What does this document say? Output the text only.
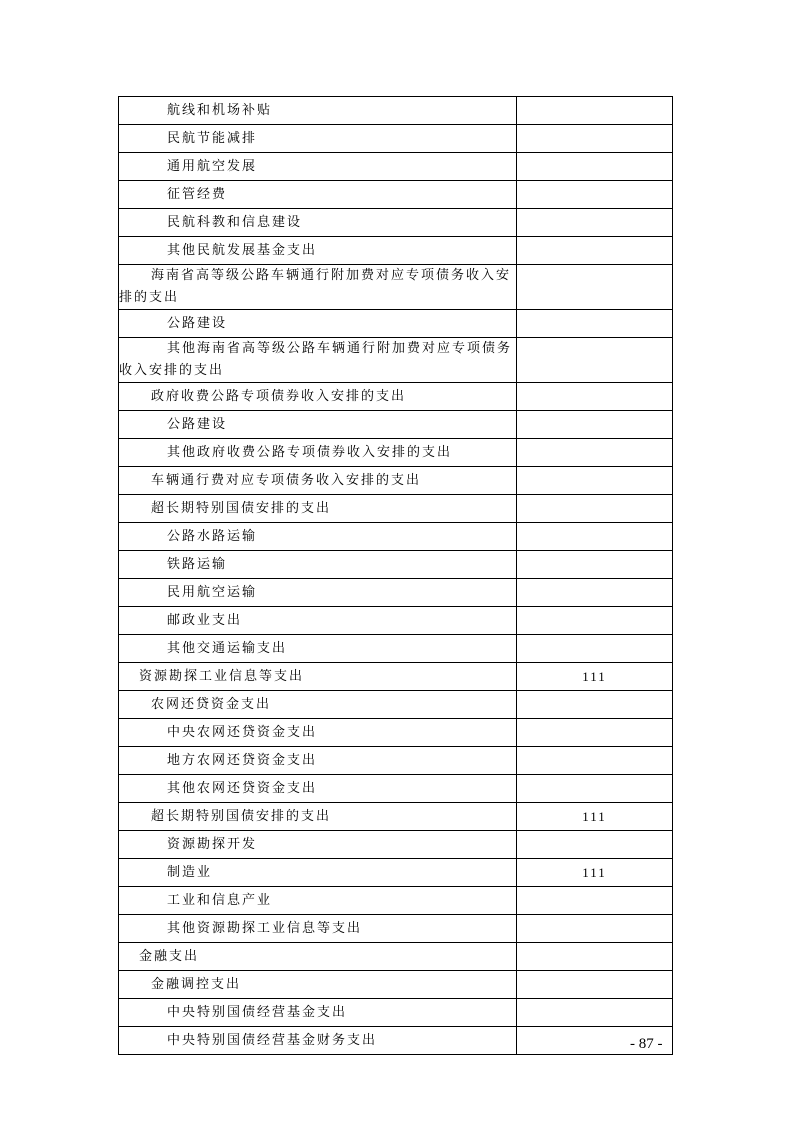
航线和机场补贴	
民航节能减排	
通用航空发展	
征管经费	
民航科教和信息建设	
其他民航发展基金支出	

海南省高等级公路车辆通行附加费对应专项债务收入安排的支出	

公路建设	

其他海南省高等级公路车辆通行附加费对应专项债务收入安排的支出	

政府收费公路专项债券收入安排的支出	
公路建设	
其他政府收费公路专项债券收入安排的支出	
车辆通行费对应专项债务收入安排的支出	
超长期特别国债安排的支出	
公路水路运输	
铁路运输	
民用航空运输	
邮政业支出	
其他交通运输支出	
资源勘探工业信息等支出	111
农网还贷资金支出	
中央农网还贷资金支出	
地方农网还贷资金支出	
其他农网还贷资金支出	
超长期特别国债安排的支出	111
资源勘探开发	
制造业	111
工业和信息产业	
其他资源勘探工业信息等支出	
金融支出	
金融调控支出	
中央特别国债经营基金支出	
中央特别国债经营基金财务支出		- 87 -
